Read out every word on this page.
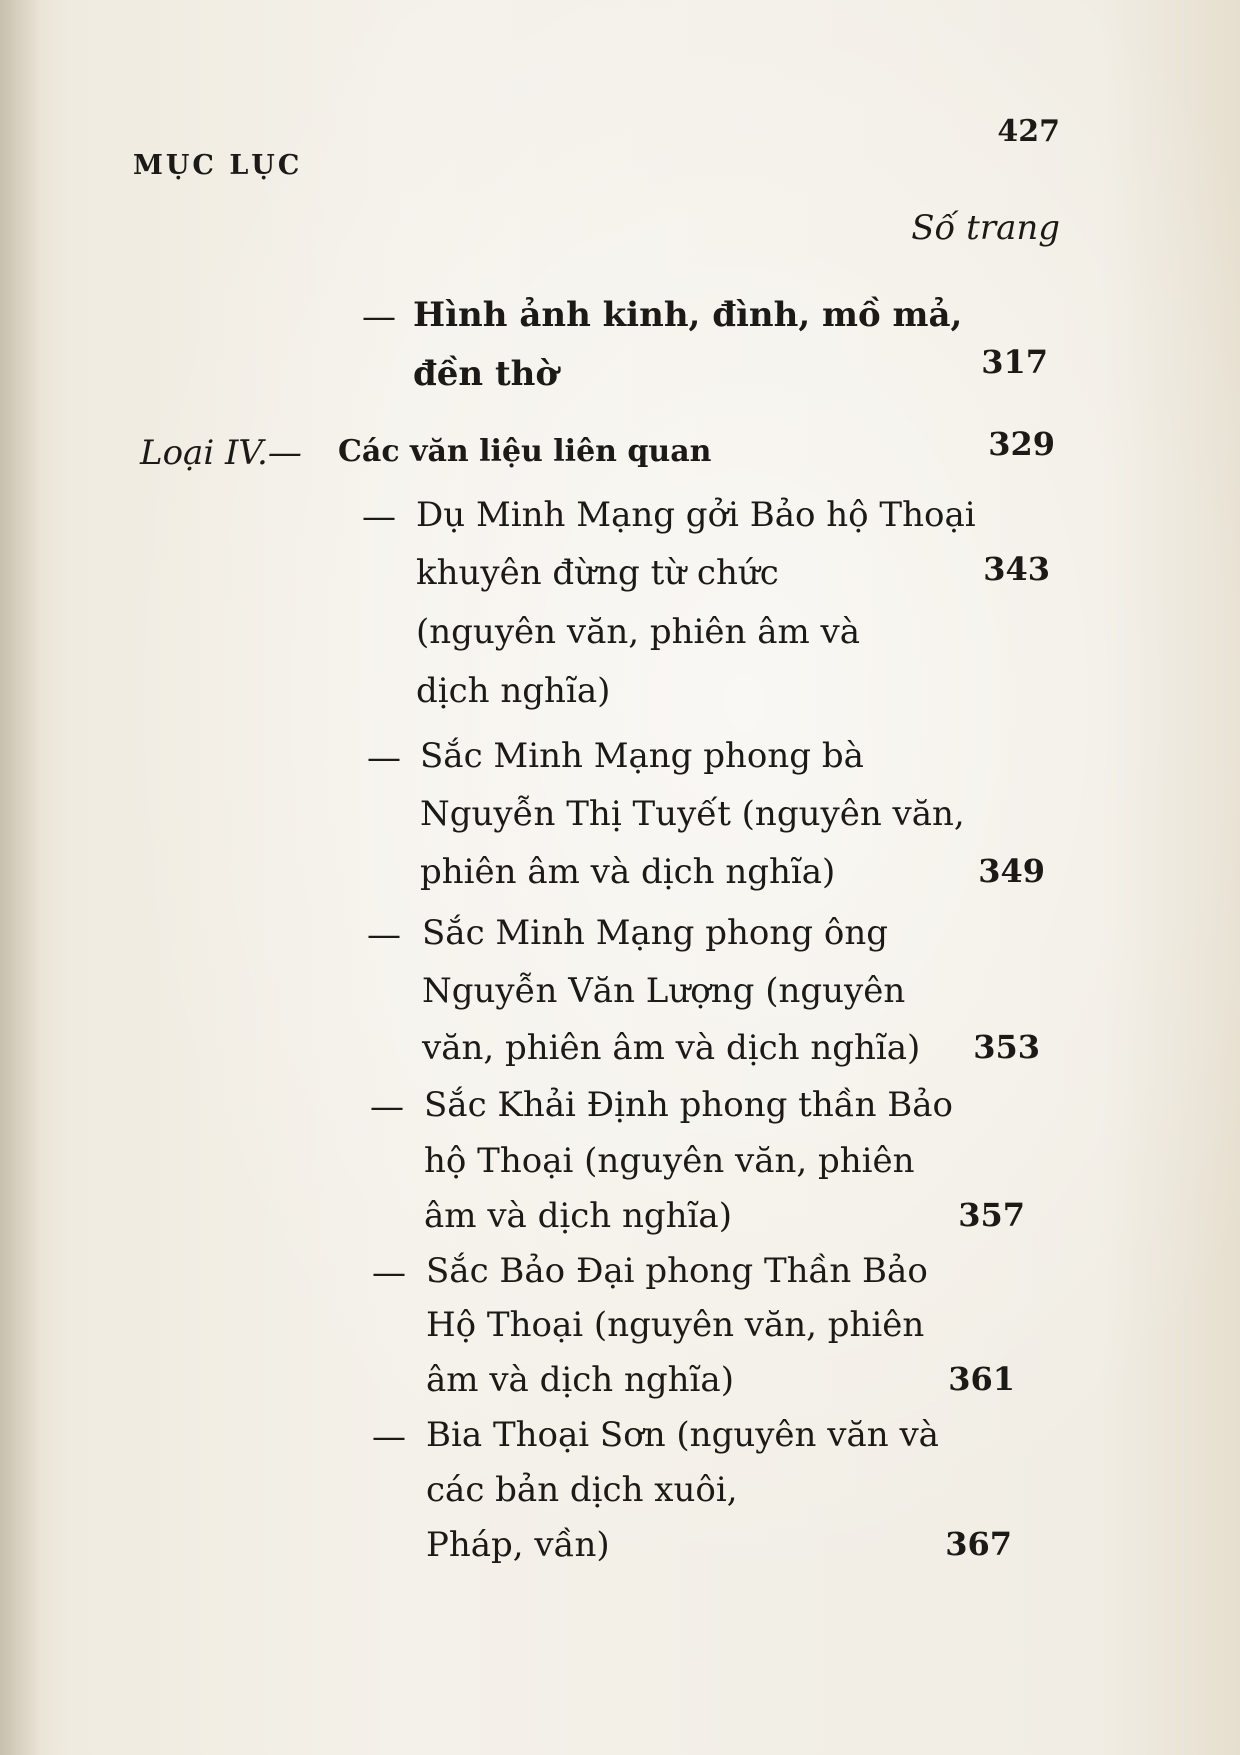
MỤC LỤC
427
Số trang
— Hình ảnh kinh, đình, mồ mả,
đền thờ	317
Loại IV.— Các văn liệu liên quan	329
— Dụ Minh Mạng gởi Bảo hộ Thoại
khuyên đừng từ chức
(nguyên văn, phiên âm và
dịch nghĩa)
343
— Sắc Minh Mạng phong bà
Nguyễn Thị Tuyết (nguyên văn,
phiên âm và dịch nghĩa)	349
— Sắc Minh Mạng phong ông
Nguyễn Văn Lượng (nguyên
văn, phiên âm và dịch nghĩa)	353
— Sắc Khải Định phong thần Bảo
hộ Thoại (nguyên văn, phiên
âm và dịch nghĩa)	357
— Sắc Bảo Đại phong Thần Bảo
Hộ Thoại (nguyên văn, phiên
âm và dịch nghĩa)	361
— Bia Thoại Sơn (nguyên văn và
các bản dịch xuôi,
Pháp, vần)	367
